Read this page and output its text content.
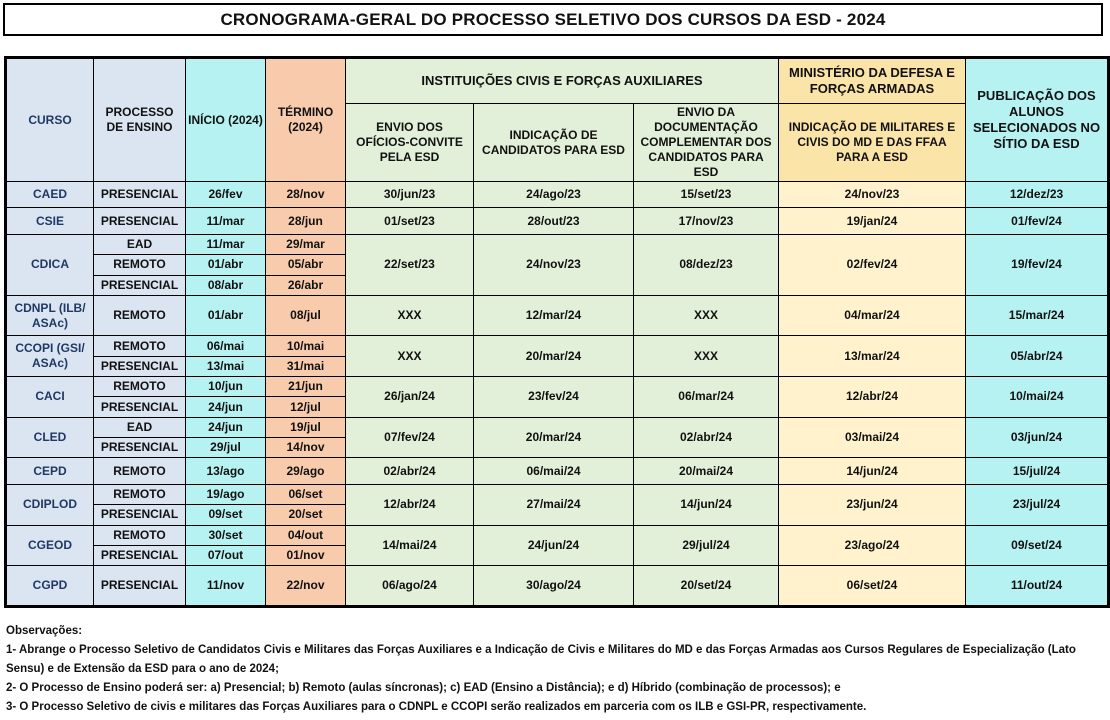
CRONOGRAMA-GERAL DO PROCESSO SELETIVO DOS CURSOS DA ESD - 2024
CURSO	PROCESSO DE ENSINO	INÍCIO (2024)	TÉRMINO (2024)	INSTITUIÇÕES CIVIS E FORÇAS AUXILIARES			MINISTÉRIO DA DEFESA E FORÇAS ARMADAS	PUBLICAÇÃO DOS ALUNOS SELECIONADOS NO SÍTIO DA ESD
				ENVIO DOS OFÍCIOS-CONVITE PELA ESD	INDICAÇÃO DE CANDIDATOS PARA ESD	ENVIO DA DOCUMENTAÇÃO COMPLEMENTAR DOS CANDIDATOS PARA ESD	INDICAÇÃO DE MILITARES E CIVIS DO MD E DAS FFAA PARA A ESD	
CAED	PRESENCIAL	26/fev	28/nov	30/jun/23	24/ago/23	15/set/23	24/nov/23	12/dez/23
CSIE	PRESENCIAL	11/mar	28/jun	01/set/23	28/out/23	17/nov/23	19/jan/24	01/fev/24
CDICA	EAD	11/mar	29/mar	22/set/23	24/nov/23	08/dez/23	02/fev/24	19/fev/24
	REMOTO	01/abr	05/abr					
	PRESENCIAL	08/abr	26/abr					
CDNPL (ILB/ ASAc)	REMOTO	01/abr	08/jul	XXX	12/mar/24	XXX	04/mar/24	15/mar/24
CCOPI (GSI/ ASAc)	REMOTO	06/mai	10/mai	XXX	20/mar/24	XXX	13/mar/24	05/abr/24
	PRESENCIAL	13/mai	31/mai					
CACI	REMOTO	10/jun	21/jun	26/jan/24	23/fev/24	06/mar/24	12/abr/24	10/mai/24
	PRESENCIAL	24/jun	12/jul					
CLED	EAD	24/jun	19/jul	07/fev/24	20/mar/24	02/abr/24	03/mai/24	03/jun/24
	PRESENCIAL	29/jul	14/nov					
CEPD	REMOTO	13/ago	29/ago	02/abr/24	06/mai/24	20/mai/24	14/jun/24	15/jul/24
CDIPLOD	REMOTO	19/ago	06/set	12/abr/24	27/mai/24	14/jun/24	23/jun/24	23/jul/24
	PRESENCIAL	09/set	20/set					
CGEOD	REMOTO	30/set	04/out	14/mai/24	24/jun/24	29/jul/24	23/ago/24	09/set/24
	PRESENCIAL	07/out	01/nov					
CGPD	PRESENCIAL	11/nov	22/nov	06/ago/24	30/ago/24	20/set/24	06/set/24	11/out/24
Observações:
1- Abrange o Processo Seletivo de Candidatos Civis e Militares das Forças Auxiliares e a Indicação de Civis e Militares do MD e das Forças Armadas aos Cursos Regulares de Especialização (Lato Sensu) e de Extensão da ESD para o ano de 2024;
2- O Processo de Ensino poderá ser: a) Presencial; b) Remoto (aulas síncronas); c) EAD (Ensino a Distância); e d) Híbrido (combinação de processos); e
3- O Processo Seletivo de civis e militares das Forças Auxiliares para o CDNPL e CCOPI serão realizados em parceria com os ILB e GSI-PR, respectivamente.
